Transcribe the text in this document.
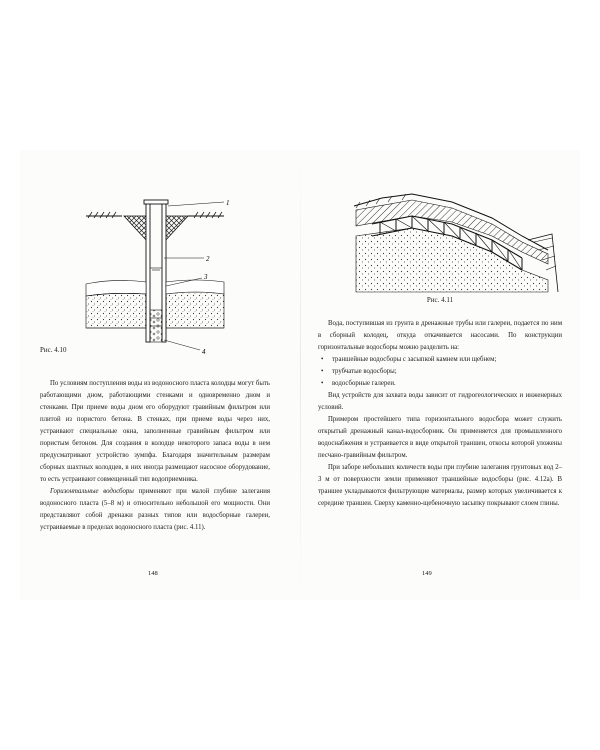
1
2
3
4
Рис. 4.10

По условиям поступления воды из водоносного пласта колодцы могут быть работающими дном, работающими стенками и одновременно дном и стенками. При приеме воды дном его оборудуют гравийным фильтром или плитой из пористого бетона. В стенках, при приеме воды через них, устраивают специальные окна, заполненные гравийным фильтром или пористым бетоном. Для создания в колодце некоторого запаса воды в нем предусматривают устройство зумпфа. Благодаря значительным размерам сборных шахтных колодцев, в них иногда размещают насосное оборудование, то есть устраивают совмещенный тип водоприемника.

Горизонтальные водосборы применяют при малой глубине залегания водоносного пласта (5–8 м) и относительно небольшой его мощности. Они представляют собой дренажи разных типов или водосборные галереи, устраиваемые в пределах водоносного пласта (рис. 4.11).

148
Рис. 4.11

Вода, поступившая из грунта в дренажные трубы или галереи, подается по ним в сборный колодец, откуда откачивается насосами. По конструкции горизонтальные водосборы можно разделить на:

• траншейные водосборы с засыпкой камнем или щебнем;
• трубчатые водосборы;
• водосборные галереи.

Вид устройств для захвата воды зависит от гидрогеологических и инженерных условий.

Примером простейшего типа горизонтального водосбора может служить открытый дренажный канал-водосборник. Он применяется для промышленного водоснабжения и устраивается в виде открытой траншеи, откосы которой уложены песчано-гравийным фильтром.

При заборе небольших количеств воды при глубине залегания грунтовых вод 2–3 м от поверхности земли применяют траншейные водосборы (рис. 4.12а). В траншее укладываются фильтрующие материалы, размер которых увеличивается к середине траншеи. Сверху каменно-щебеночную засыпку покрывают слоем глины.

149
